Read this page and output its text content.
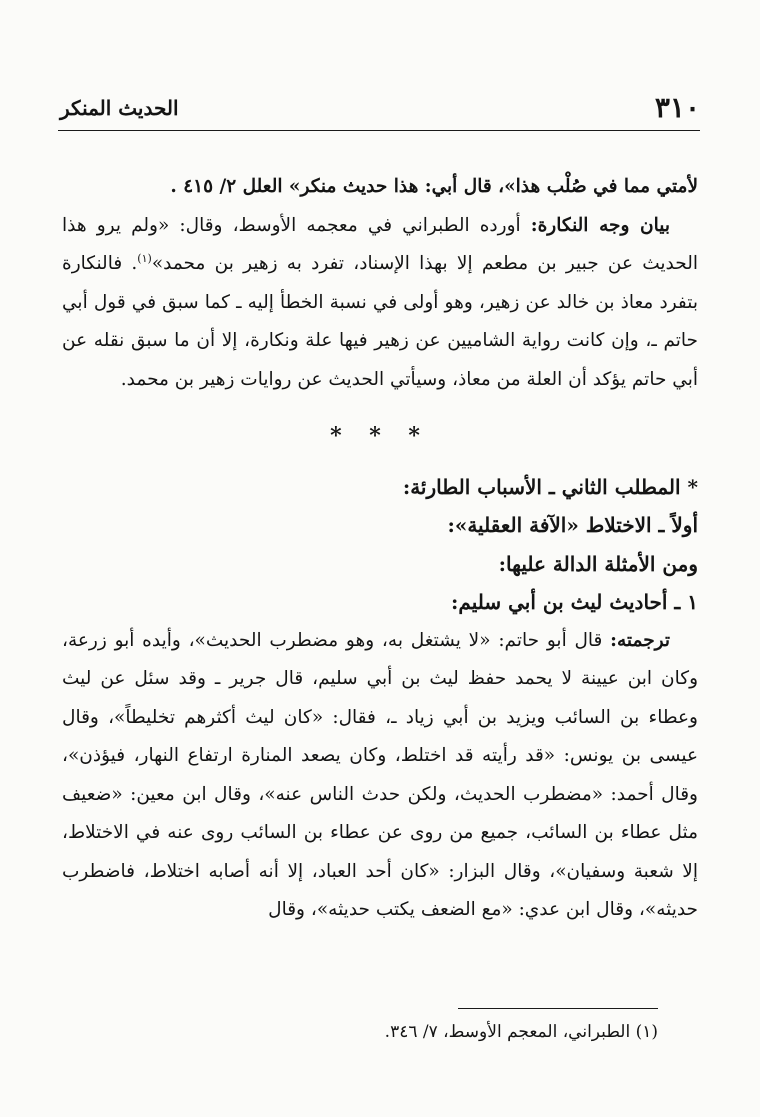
٣١٠
الحديث المنكر

لأمتي مما في صُلْب هذا»، قال أبي: هذا حديث منكر» العلل ٢/ ٤١٥ .

بيان وجه النكارة: أورده الطبراني في معجمه الأوسط، وقال: «ولم يرو هذا الحديث عن جبير بن مطعم إلا بهذا الإسناد، تفرد به زهير بن محمد»$^{(١)}$. فالنكارة بتفرد معاذ بن خالد عن زهير، وهو أولى في نسبة الخطأ إليه ـ كما سبق في قول أبي حاتم ـ، وإن كانت رواية الشاميين عن زهير فيها علة ونكارة، إلا أن ما سبق نقله عن أبي حاتم يؤكد أن العلة من معاذ، وسيأتي الحديث عن روايات زهير بن محمد.

* * *

* المطلب الثاني ـ الأسباب الطارئة:

أولاً ـ الاختلاط «الآفة العقلية»:

ومن الأمثلة الدالة عليها:

١ ـ أحاديث ليث بن أبي سليم:

ترجمته: قال أبو حاتم: «لا يشتغل به، وهو مضطرب الحديث»، وأيده أبو زرعة، وكان ابن عيينة لا يحمد حفظ ليث بن أبي سليم، قال جرير ـ وقد سئل عن ليث وعطاء بن السائب ويزيد بن أبي زياد ـ، فقال: «كان ليث أكثرهم تخليطاً»، وقال عيسى بن يونس: «قد رأيته قد اختلط، وكان يصعد المنارة ارتفاع النهار، فيؤذن»، وقال أحمد: «مضطرب الحديث، ولكن حدث الناس عنه»، وقال ابن معين: «ضعيف مثل عطاء بن السائب، جميع من روى عن عطاء بن السائب روى عنه في الاختلاط، إلا شعبة وسفيان»، وقال البزار: «كان أحد العباد، إلا أنه أصابه اختلاط، فاضطرب حديثه»، وقال ابن عدي: «مع الضعف يكتب حديثه»، وقال

(١) الطبراني، المعجم الأوسط، ٧/ ٣٤٦.
